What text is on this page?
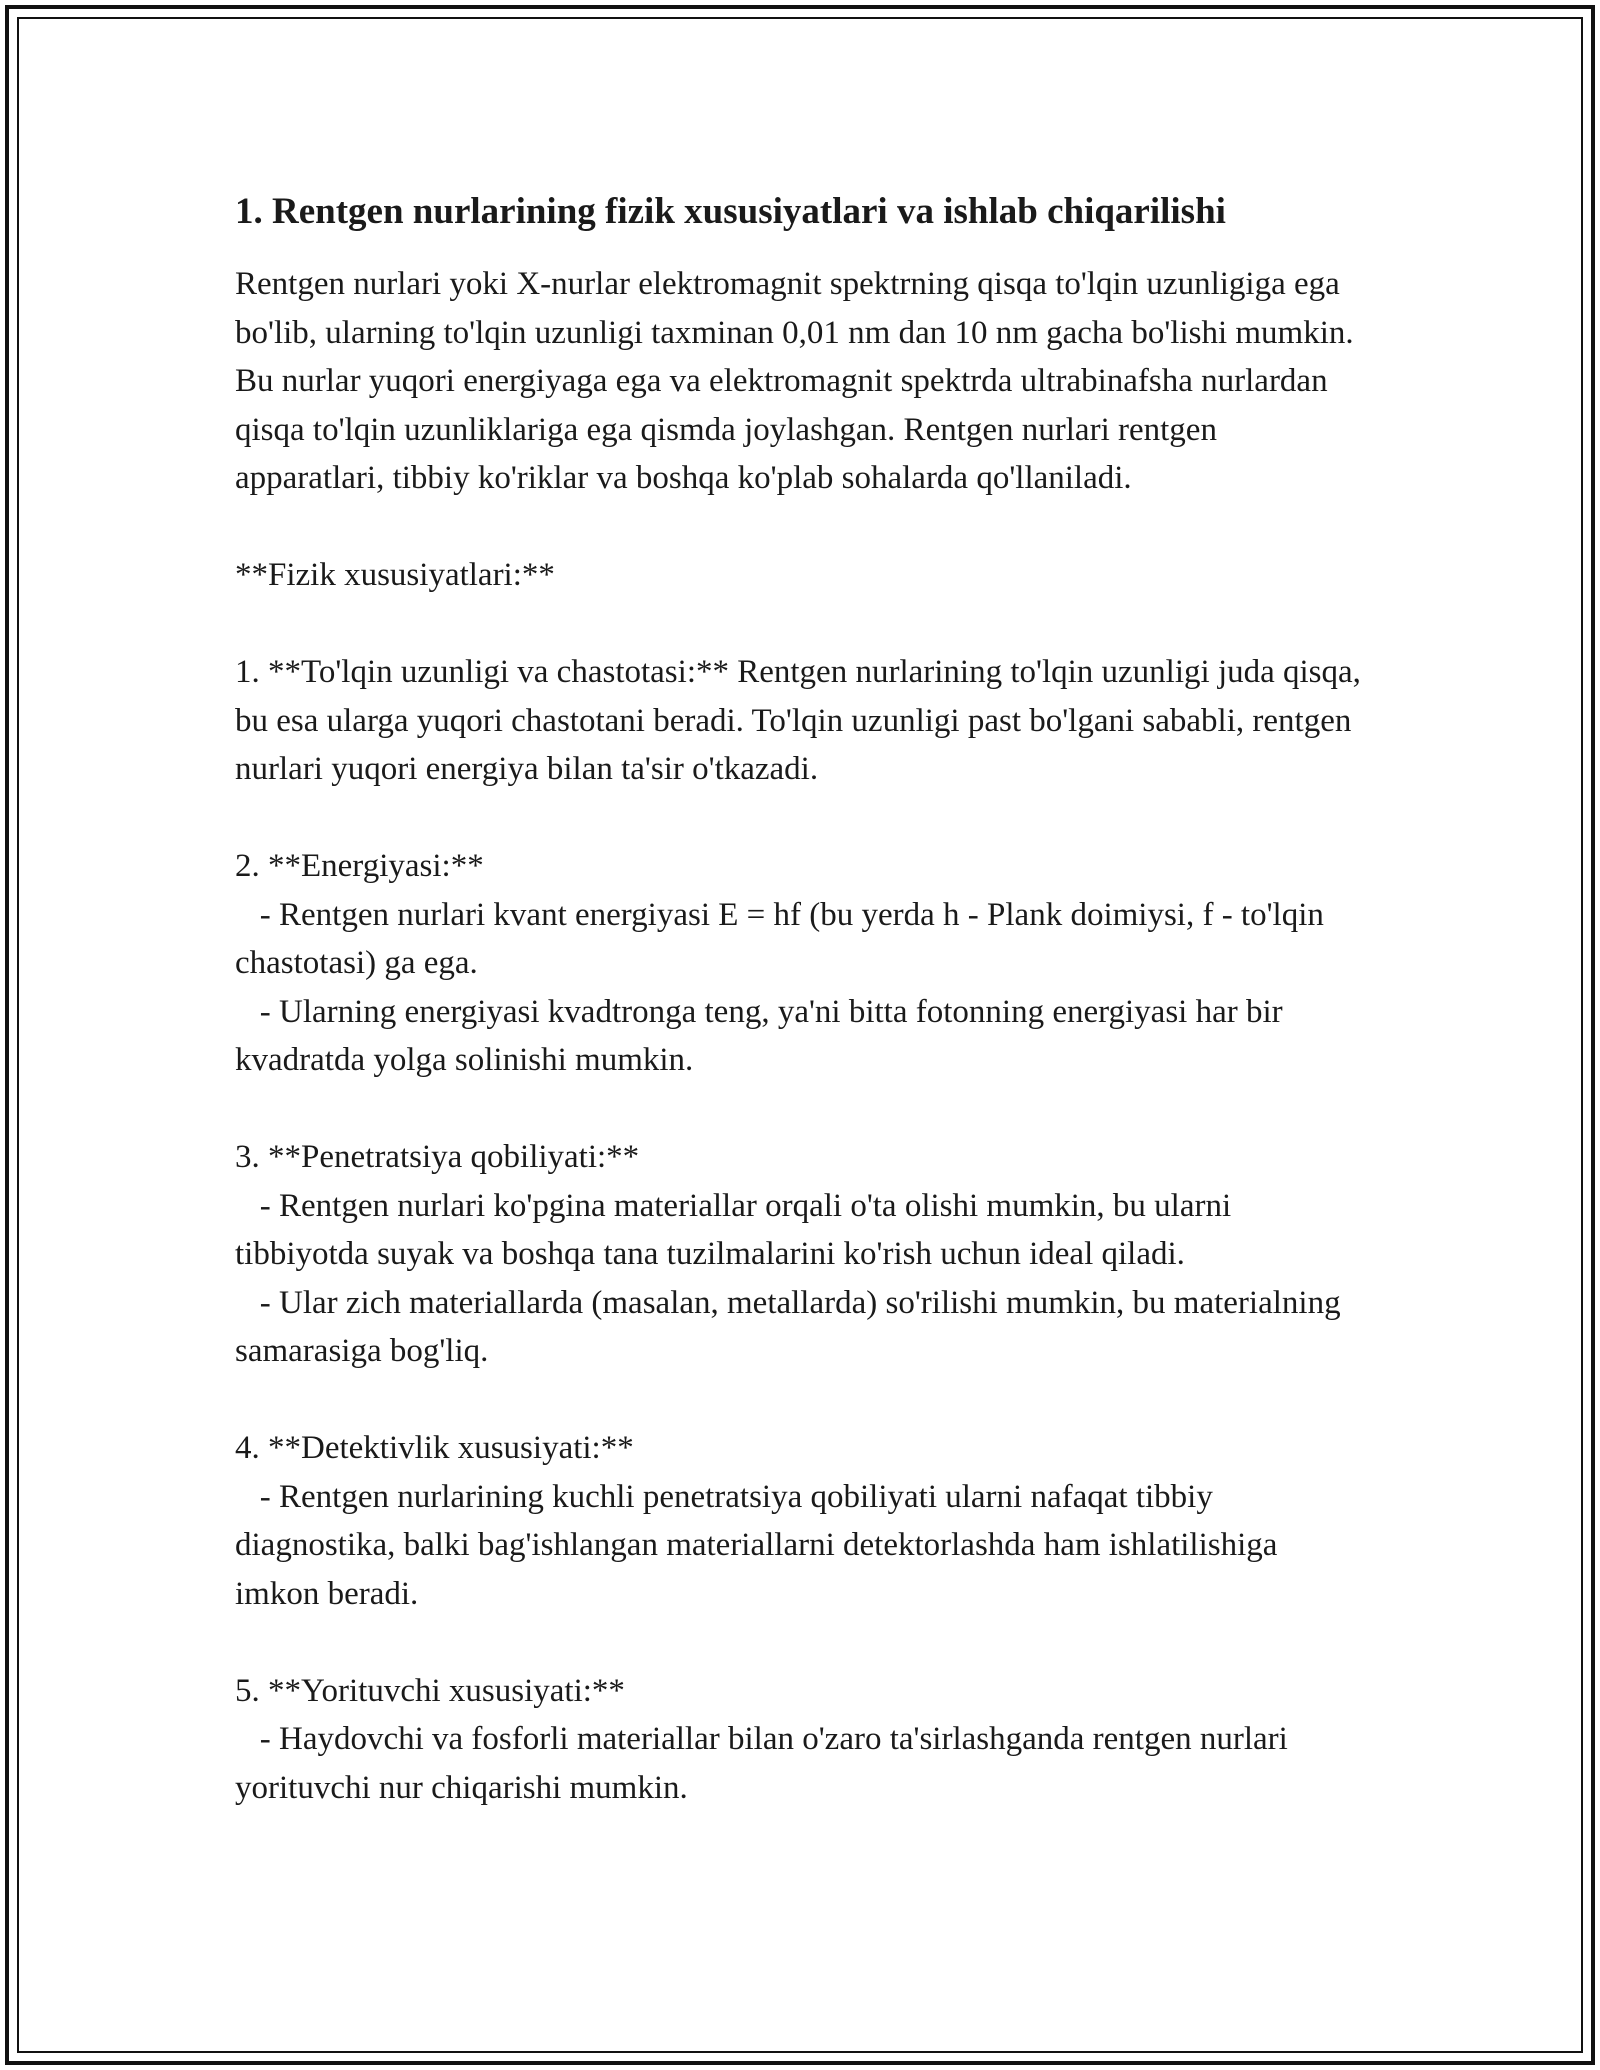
1. Rentgen nurlarining fizik xususiyatlari va ishlab chiqarilishi

Rentgen nurlari yoki X-nurlar elektromagnit spektrning qisqa to'lqin uzunligiga ega bo'lib, ularning to'lqin uzunligi taxminan 0,01 nm dan 10 nm gacha bo'lishi mumkin. Bu nurlar yuqori energiyaga ega va elektromagnit spektrda ultrabinafsha nurlardan qisqa to'lqin uzunliklariga ega qismda joylashgan. Rentgen nurlari rentgen apparatlari, tibbiy ko'riklar va boshqa ko'plab sohalarda qo'llaniladi.

**Fizik xususiyatlari:**

1. **To'lqin uzunligi va chastotasi:** Rentgen nurlarining to'lqin uzunligi juda qisqa, bu esa ularga yuqori chastotani beradi. To'lqin uzunligi past bo'lgani sababli, rentgen nurlari yuqori energiya bilan ta'sir o'tkazadi.

2. **Energiyasi:**

- Rentgen nurlari kvant energiyasi E = hf (bu yerda h - Plank doimiysi, f - to'lqin chastotasi) ga ega.

- Ularning energiyasi kvadtronga teng, ya'ni bitta fotonning energiyasi har bir kvadratda yolga solinishi mumkin.

3. **Penetratsiya qobiliyati:**

- Rentgen nurlari ko'pgina materiallar orqali o'ta olishi mumkin, bu ularni tibbiyotda suyak va boshqa tana tuzilmalarini ko'rish uchun ideal qiladi.

- Ular zich materiallarda (masalan, metallarda) so'rilishi mumkin, bu materialning samarasiga bog'liq.

4. **Detektivlik xususiyati:**

- Rentgen nurlarining kuchli penetratsiya qobiliyati ularni nafaqat tibbiy diagnostika, balki bag'ishlangan materiallarni detektorlashda ham ishlatilishiga imkon beradi.

5. **Yorituvchi xususiyati:**

- Haydovchi va fosforli materiallar bilan o'zaro ta'sirlashganda rentgen nurlari yorituvchi nur chiqarishi mumkin.
